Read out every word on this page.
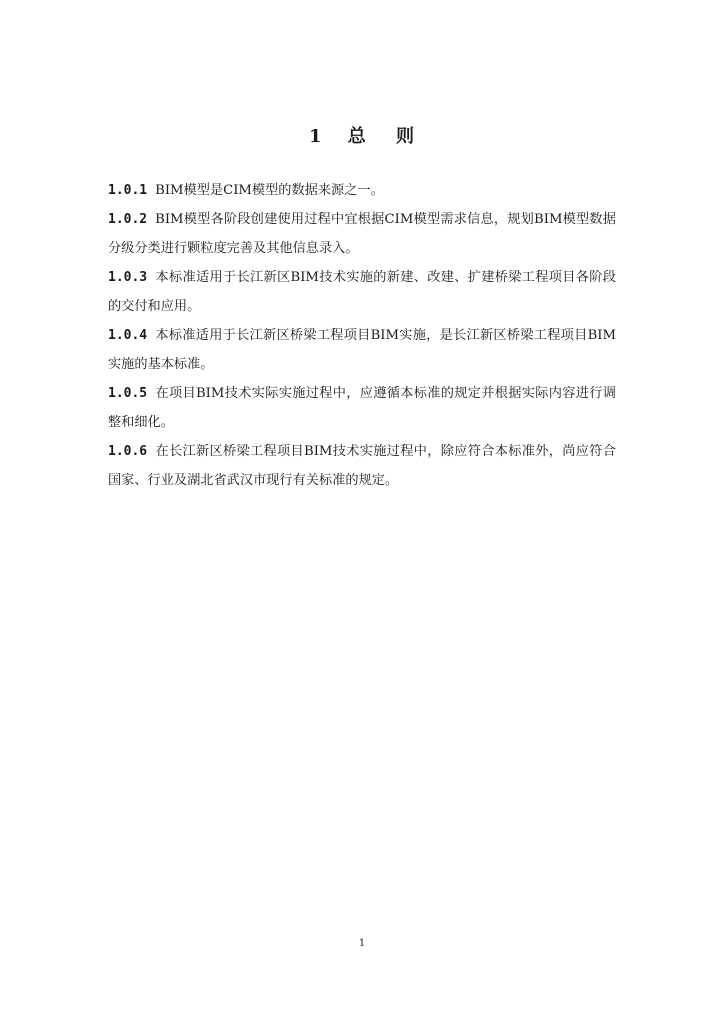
1 总 则

1.0.1 BIM模型是CIM模型的数据来源之一。

1.0.2 BIM模型各阶段创建使用过程中宜根据CIM模型需求信息，规划BIM模型数据分级分类进行颗粒度完善及其他信息录入。

1.0.3 本标准适用于长江新区BIM技术实施的新建、改建、扩建桥梁工程项目各阶段的交付和应用。

1.0.4 本标准适用于长江新区桥梁工程项目BIM实施，是长江新区桥梁工程项目BIM实施的基本标准。

1.0.5 在项目BIM技术实际实施过程中，应遵循本标准的规定并根据实际内容进行调整和细化。

1.0.6 在长江新区桥梁工程项目BIM技术实施过程中，除应符合本标准外，尚应符合国家、行业及湖北省武汉市现行有关标准的规定。

1
